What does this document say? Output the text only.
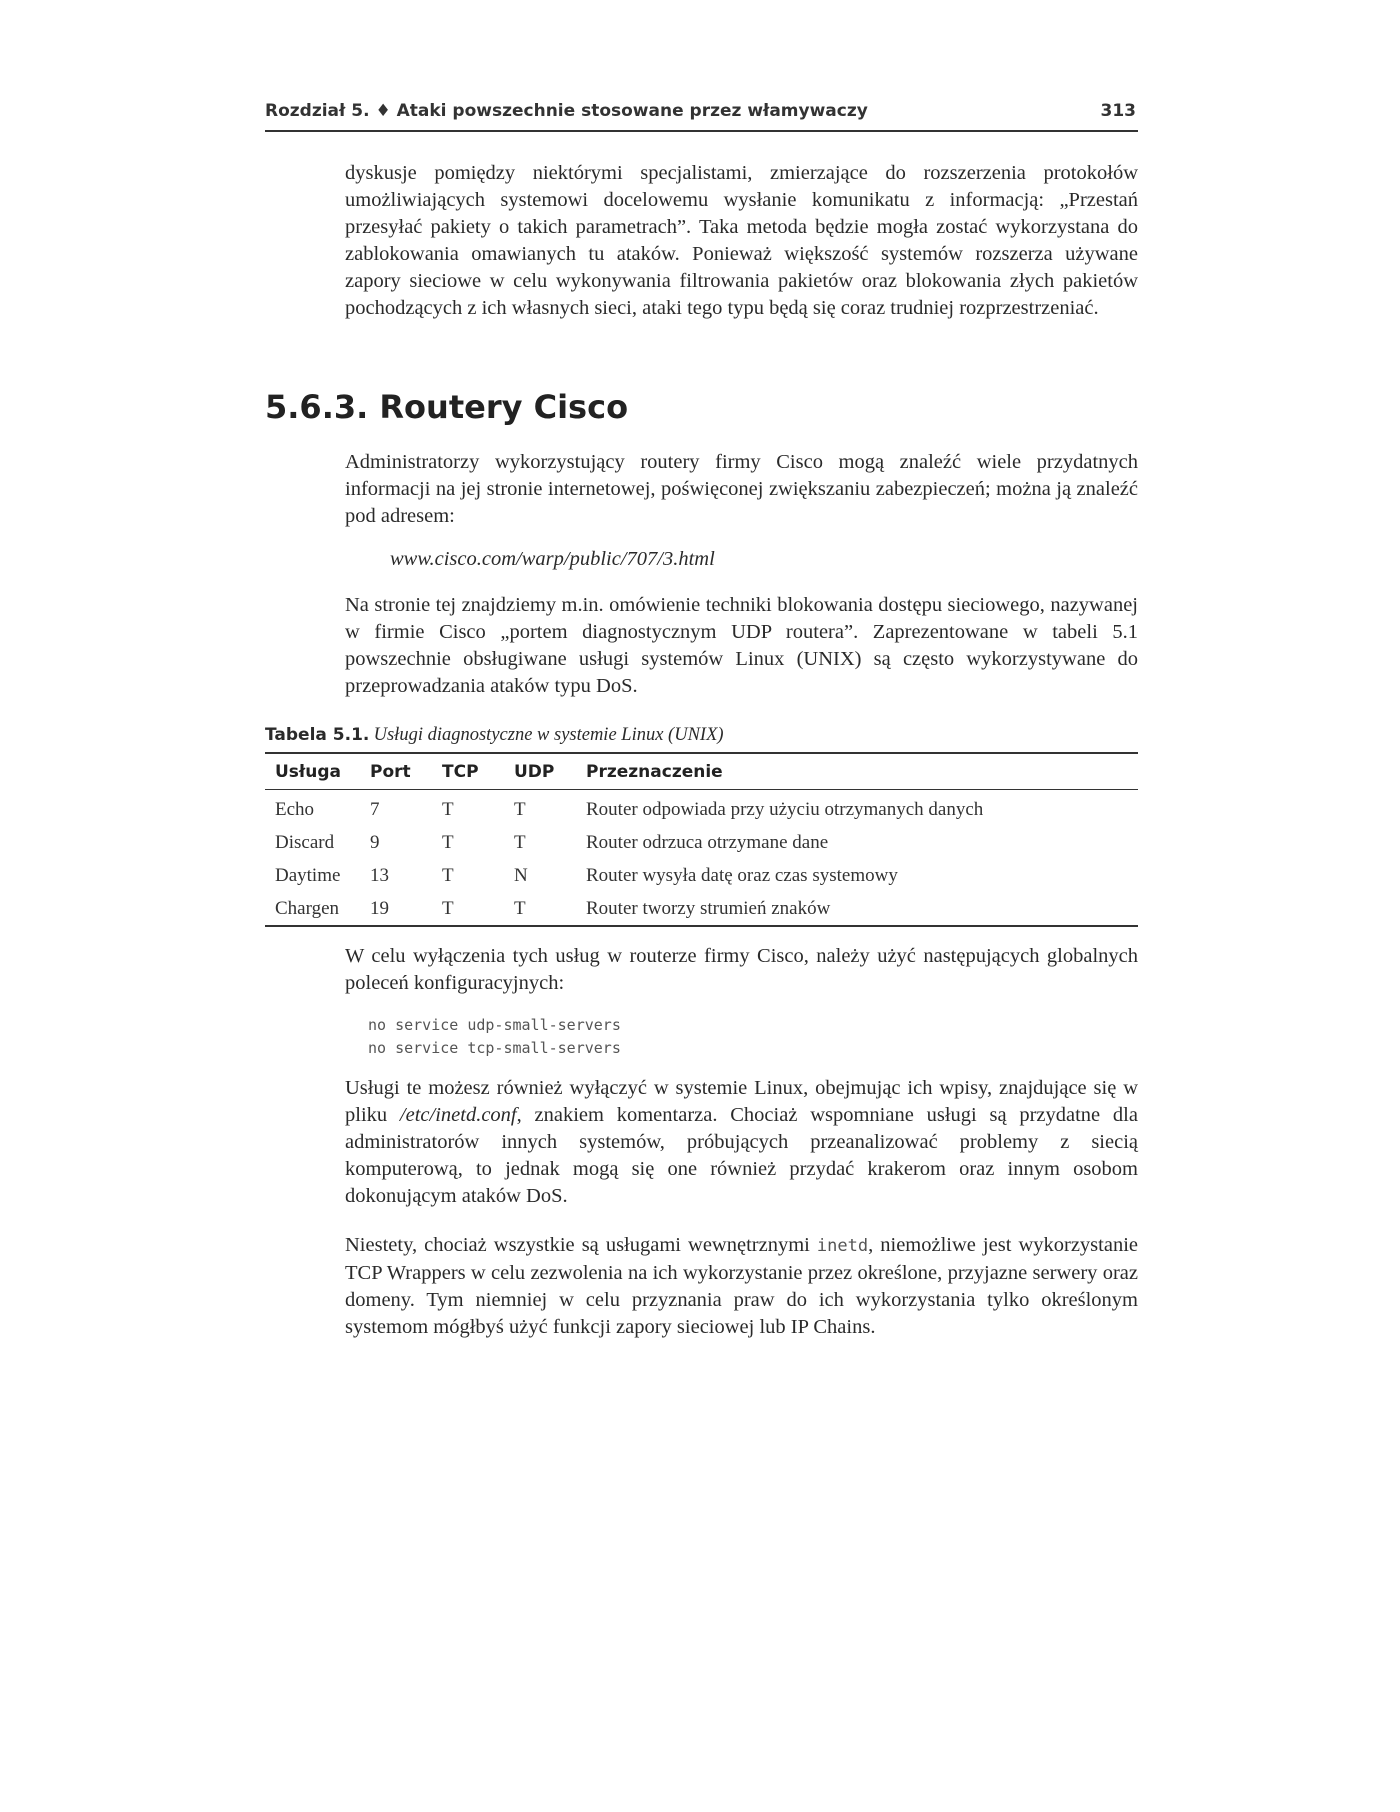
Rozdział 5. ♦ Ataki powszechnie stosowane przez włamywaczy	313

dyskusje pomiędzy niektórymi specjalistami, zmierzające do rozszerzenia protokołów umożliwiających systemowi docelowemu wysłanie komunikatu z informacją: „Przestań przesyłać pakiety o takich parametrach”. Taka metoda będzie mogła zostać wykorzystana do zablokowania omawianych tu ataków. Ponieważ większość systemów rozszerza używane zapory sieciowe w celu wykonywania filtrowania pakietów oraz blokowania złych pakietów pochodzących z ich własnych sieci, ataki tego typu będą się coraz trudniej rozprzestrzeniać.

5.6.3. Routery Cisco

Administratorzy wykorzystujący routery firmy Cisco mogą znaleźć wiele przydatnych informacji na jej stronie internetowej, poświęconej zwiększaniu zabezpieczeń; można ją znaleźć pod adresem:

www.cisco.com/warp/public/707/3.html

Na stronie tej znajdziemy m.in. omówienie techniki blokowania dostępu sieciowego, nazywanej w firmie Cisco „portem diagnostycznym UDP routera”. Zaprezentowane w tabeli 5.1 powszechnie obsługiwane usługi systemów Linux (UNIX) są często wykorzystywane do przeprowadzania ataków typu DoS.

Tabela 5.1. Usługi diagnostyczne w systemie Linux (UNIX)
Usługa	Port	TCP	UDP	Przeznaczenie
Echo	7	T	T	Router odpowiada przy użyciu otrzymanych danych
Discard	9	T	T	Router odrzuca otrzymane dane
Daytime	13	T	N	Router wysyła datę oraz czas systemowy
Chargen	19	T	T	Router tworzy strumień znaków

W celu wyłączenia tych usług w routerze firmy Cisco, należy użyć następujących globalnych poleceń konfiguracyjnych:

no service udp-small-servers
no service tcp-small-servers

Usługi te możesz również wyłączyć w systemie Linux, obejmując ich wpisy, znajdujące się w pliku /etc/inetd.conf, znakiem komentarza. Chociaż wspomniane usługi są przydatne dla administratorów innych systemów, próbujących przeanalizować problemy z siecią komputerową, to jednak mogą się one również przydać krakerom oraz innym osobom dokonującym ataków DoS.

Niestety, chociaż wszystkie są usługami wewnętrznymi inetd, niemożliwe jest wykorzystanie TCP Wrappers w celu zezwolenia na ich wykorzystanie przez określone, przyjazne serwery oraz domeny. Tym niemniej w celu przyznania praw do ich wykorzystania tylko określonym systemom mógłbyś użyć funkcji zapory sieciowej lub IP Chains.
